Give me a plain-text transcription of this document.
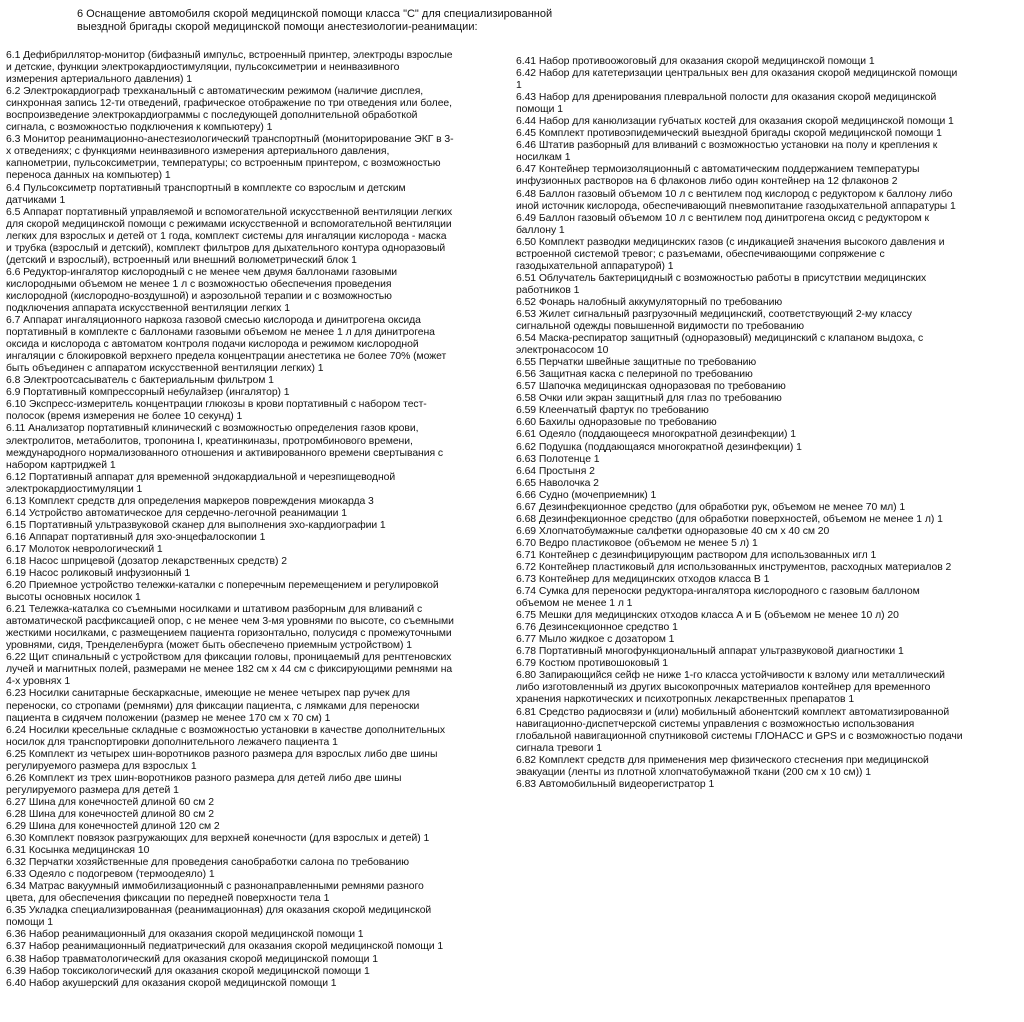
6 Оснащение автомобиля скорой медицинской помощи класса "С" для специализированной
выездной бригады скорой медицинской помощи анестезиологии-реанимации:
6.1 Дефибриллятор-монитор (бифазный импульс, встроенный принтер, электроды взрослые
и детские, функции электрокардиостимуляции, пульсоксиметрии и неинвазивного
измерения артериального давления) 1
6.2 Электрокардиограф трехканальный с автоматическим режимом (наличие дисплея,
синхронная запись 12-ти отведений, графическое отображение по три отведения или более,
воспроизведение электрокардиограммы с последующей дополнительной обработкой
сигнала, с возможностью подключения к компьютеру) 1
6.3 Монитор реанимационно-анестезиологический транспортный (мониторирование ЭКГ в 3-
х отведениях; с функциями неинвазивного измерения артериального давления,
капнометрии, пульсоксиметрии, температуры; со встроенным принтером, с возможностью
переноса данных на компьютер) 1
6.4 Пульсоксиметр портативный транспортный в комплекте со взрослым и детским
датчиками 1
6.5 Аппарат портативный управляемой и вспомогательной искусственной вентиляции легких
для скорой медицинской помощи с режимами искусственной и вспомогательной вентиляции
легких для взрослых и детей от 1 года, комплект системы для ингаляции кислорода - маска
и трубка (взрослый и детский), комплект фильтров для дыхательного контура одноразовый
(детский и взрослый), встроенный или внешний волюметрический блок 1
6.6 Редуктор-ингалятор кислородный с не менее чем двумя баллонами газовыми
кислородными объемом не менее 1 л с возможностью обеспечения проведения
кислородной (кислородно-воздушной) и аэрозольной терапии и с возможностью
подключения аппарата искусственной вентиляции легких 1
6.7 Аппарат ингаляционного наркоза газовой смесью кислорода и динитрогена оксида
портативный в комплекте с баллонами газовыми объемом не менее 1 л для динитрогена
оксида и кислорода с автоматом контроля подачи кислорода и режимом кислородной
ингаляции с блокировкой верхнего предела концентрации анестетика не более 70% (может
быть объединен с аппаратом искусственной вентиляции легких) 1
6.8 Электроотсасыватель с бактериальным фильтром 1
6.9 Портативный компрессорный небулайзер (ингалятор) 1
6.10 Экспресс-измеритель концентрации глюкозы в крови портативный с набором тест-
полосок (время измерения не более 10 секунд) 1
6.11 Анализатор портативный клинический с возможностью определения газов крови,
электролитов, метаболитов, тропонина I, креатинкиназы, протромбинового времени,
международного нормализованного отношения и активированного времени свертывания с
набором картриджей 1
6.12 Портативный аппарат для временной эндокардиальной и черезпищеводной
электрокардиостимуляции 1
6.13 Комплект средств для определения маркеров повреждения миокарда 3
6.14 Устройство автоматическое для сердечно-легочной реанимации 1
6.15 Портативный ультразвуковой сканер для выполнения эхо-кардиографии 1
6.16 Аппарат портативный для эхо-энцефалоскопии 1
6.17 Молоток неврологический 1
6.18 Насос шприцевой (дозатор лекарственных средств) 2
6.19 Насос роликовый инфузионный 1
6.20 Приемное устройство тележки-каталки с поперечным перемещением и регулировкой
высоты основных носилок 1
6.21 Тележка-каталка со съемными носилками и штативом разборным для вливаний с
автоматической расфиксацией опор, с не менее чем 3-мя уровнями по высоте, со съемными
жесткими носилками, с размещением пациента горизонтально, полусидя с промежуточными
уровнями, сидя, Тренделенбурга (может быть обеспечено приемным устройством) 1
6.22 Щит спинальный с устройством для фиксации головы, проницаемый для рентгеновских
лучей и магнитных полей, размерами не менее 182 см х 44 см с фиксирующими ремнями на
4-х уровнях 1
6.23 Носилки санитарные бескаркасные, имеющие не менее четырех пар ручек для
переноски, со стропами (ремнями) для фиксации пациента, с лямками для переноски
пациента в сидячем положении (размер не менее 170 см х 70 см) 1
6.24 Носилки кресельные складные с возможностью установки в качестве дополнительных
носилок для транспортировки дополнительного лежачего пациента 1
6.25 Комплект из четырех шин-воротников разного размера для взрослых либо две шины
регулируемого размера для взрослых 1
6.26 Комплект из трех шин-воротников разного размера для детей либо две шины
регулируемого размера для детей 1
6.27 Шина для конечностей длиной 60 см 2
6.28 Шина для конечностей длиной 80 см 2
6.29 Шина для конечностей длиной 120 см 2
6.30 Комплект повязок разгружающих для верхней конечности (для взрослых и детей) 1
6.31 Косынка медицинская 10
6.32 Перчатки хозяйственные для проведения санобработки салона по требованию
6.33 Одеяло с подогревом (термоодеяло) 1
6.34 Матрас вакуумный иммобилизационный с разнонаправленными ремнями разного
цвета, для обеспечения фиксации по передней поверхности тела 1
6.35 Укладка специализированная (реанимационная) для оказания скорой медицинской
помощи 1
6.36 Набор реанимационный для оказания скорой медицинской помощи 1
6.37 Набор реанимационный педиатрический для оказания скорой медицинской помощи 1
6.38 Набор травматологический для оказания скорой медицинской помощи 1
6.39 Набор токсикологический для оказания скорой медицинской помощи 1
6.40 Набор акушерский для оказания скорой медицинской помощи 1
6.41 Набор противоожоговый для оказания скорой медицинской помощи 1
6.42 Набор для катетеризации центральных вен для оказания скорой медицинской помощи
1
6.43 Набор для дренирования плевральной полости для оказания скорой медицинской
помощи 1
6.44 Набор для канюлизации губчатых костей для оказания скорой медицинской помощи 1
6.45 Комплект противоэпидемический выездной бригады скорой медицинской помощи 1
6.46 Штатив разборный для вливаний с возможностью установки на полу и крепления к
носилкам 1
6.47 Контейнер термоизоляционный с автоматическим поддержанием температуры
инфузионных растворов на 6 флаконов либо один контейнер на 12 флаконов 2
6.48 Баллон газовый объемом 10 л с вентилем под кислород с редуктором к баллону либо
иной источник кислорода, обеспечивающий пневмопитание газодыхательной аппаратуры 1
6.49 Баллон газовый объемом 10 л с вентилем под динитрогена оксид с редуктором к
баллону 1
6.50 Комплект разводки медицинских газов (с индикацией значения высокого давления и
встроенной системой тревог; с разъемами, обеспечивающими сопряжение с
газодыхательной аппаратурой) 1
6.51 Облучатель бактерицидный с возможностью работы в присутствии медицинских
работников 1
6.52 Фонарь налобный аккумуляторный по требованию
6.53 Жилет сигнальный разгрузочный медицинский, соответствующий 2-му классу
сигнальной одежды повышенной видимости по требованию
6.54 Маска-респиратор защитный (одноразовый) медицинский с клапаном выдоха, с
электронасосом 10
6.55 Перчатки швейные защитные по требованию
6.56 Защитная каска с пелериной по требованию
6.57 Шапочка медицинская одноразовая по требованию
6.58 Очки или экран защитный для глаз по требованию
6.59 Клеенчатый фартук по требованию
6.60 Бахилы одноразовые по требованию
6.61 Одеяло (поддающееся многократной дезинфекции) 1
6.62 Подушка (поддающаяся многократной дезинфекции) 1
6.63 Полотенце 1
6.64 Простыня 2
6.65 Наволочка 2
6.66 Судно (мочеприемник) 1
6.67 Дезинфекционное средство (для обработки рук, объемом не менее 70 мл) 1
6.68 Дезинфекционное средство (для обработки поверхностей, объемом не менее 1 л) 1
6.69 Хлопчатобумажные салфетки одноразовые 40 см х 40 см 20
6.70 Ведро пластиковое (объемом не менее 5 л) 1
6.71 Контейнер с дезинфицирующим раствором для использованных игл 1
6.72 Контейнер пластиковый для использованных инструментов, расходных материалов 2
6.73 Контейнер для медицинских отходов класса В 1
6.74 Сумка для переноски редуктора-ингалятора кислородного с газовым баллоном
объемом не менее 1 л 1
6.75 Мешки для медицинских отходов класса А и Б (объемом не менее 10 л) 20
6.76 Дезинсекционное средство 1
6.77 Мыло жидкое с дозатором 1
6.78 Портативный многофункциональный аппарат ультразвуковой диагностики 1
6.79 Костюм противошоковый 1
6.80 Запирающийся сейф не ниже 1-го класса устойчивости к взлому или металлический
либо изготовленный из других высокопрочных материалов контейнер для временного
хранения наркотических и психотропных лекарственных препаратов 1
6.81 Средство радиосвязи и (или) мобильный абонентский комплект автоматизированной
навигационно-диспетчерской системы управления с возможностью использования
глобальной навигационной спутниковой системы ГЛОНАСС и GPS и с возможностью подачи
сигнала тревоги 1
6.82 Комплект средств для применения мер физического стеснения при медицинской
эвакуации (ленты из плотной хлопчатобумажной ткани (200 см х 10 см)) 1
6.83 Автомобильный видеорегистратор 1
